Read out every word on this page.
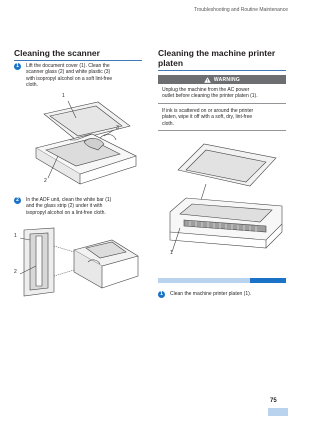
Troubleshooting and Routine Maintenance
Cleaning the scanner
1	Lift the document cover (1). Clean the
scanner glass (2) and white plastic (3)
with isopropyl alcohol on a soft lint-free
cloth.
1
3
2
2	In the ADF unit, clean the white bar (1)
and the glass strip (2) under it with
isopropyl alcohol on a lint-free cloth.
1
2
Cleaning the machine printer
platen
WARNING
Unplug the machine from the AC power
outlet before cleaning the printer platen (1).
If ink is scattered on or around the printer
platen, wipe it off with a soft, dry, lint-free
cloth.
1
1	Clean the machine printer platen (1).
75
